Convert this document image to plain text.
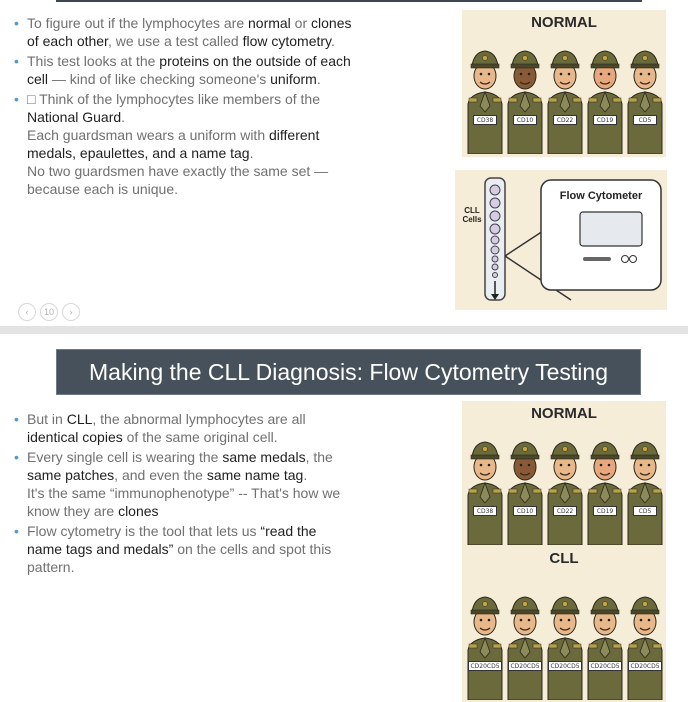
• To figure out if the lymphocytes are normal or clones of each other, we use a test called flow cytometry.
• This test looks at the proteins on the outside of each cell — kind of like checking someone's uniform.
• □ Think of the lymphocytes like members of the National Guard.
Each guardsman wears a uniform with different medals, epaulettes, and a name tag.
No two guardsmen have exactly the same set — because each is unique.
NORMAL
CD38	CD10	CD22	CD19	CD5
Flow Cytometer
CLL
Cells
‹	10	›
Making the CLL Diagnosis: Flow Cytometry Testing
• But in CLL, the abnormal lymphocytes are all identical copies of the same original cell.
• Every single cell is wearing the same medals, the same patches, and even the same name tag.
It's the same “immunophenotype” -- That's how we know they are clones
• Flow cytometry is the tool that lets us “read the name tags and medals” on the cells and spot this pattern.
NORMAL
CD38	CD10	CD22	CD19	CD5
CLL
CD20CD5	CD20CD5	CD20CD5	CD20CD5	CD20CD5
